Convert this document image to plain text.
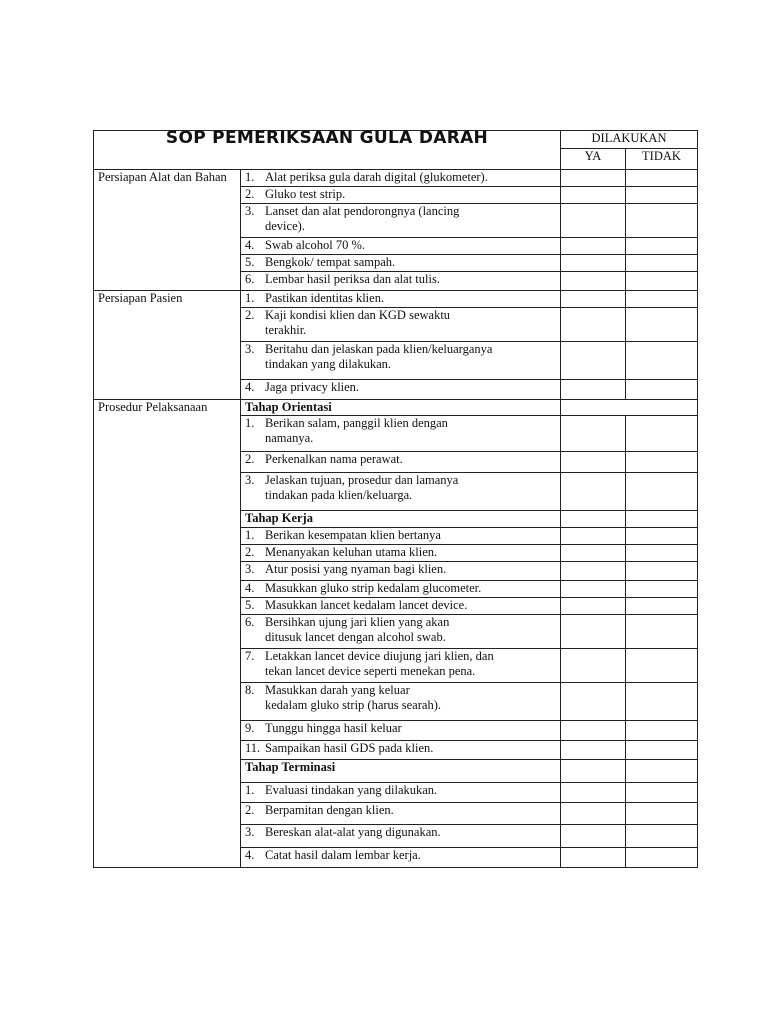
SOP PEMERIKSAAN GULA DARAH		DILAKUKAN	
		YA	TIDAK
Persiapan Alat dan Bahan	1. Alat periksa gula darah digital (glukometer).		
	2. Gluko test strip.		
	3. Lanset dan alat pendorongnya (lancing
device).		

	4. Swab alcohol 70 %.		
	5. Bengkok/ tempat sampah.		
	6. Lembar hasil periksa dan alat tulis.		
Persiapan Pasien	1. Pastikan identitas klien.		
	2. Kaji kondisi klien dan KGD sewaktu
terakhir.		

	3. Beritahu dan jelaskan pada klien/keluarganya
tindakan yang dilakukan.		

	4. Jaga privacy klien.		
Prosedur Pelaksanaan	Tahap Orientasi		
	1. Berikan salam, panggil klien dengan
namanya.		

	2. Perkenalkan nama perawat.		
	3. Jelaskan tujuan, prosedur dan lamanya
tindakan pada klien/keluarga.		

	Tahap Kerja		
	1. Berikan kesempatan klien bertanya		
	2. Menanyakan keluhan utama klien.		
	3. Atur posisi yang nyaman bagi klien.		
	4. Masukkan gluko strip kedalam glucometer.		
	5. Masukkan lancet kedalam lancet device.		
	6. Bersihkan ujung jari klien yang akan
ditusuk lancet dengan alcohol swab.		

	7. Letakkan lancet device diujung jari klien, dan
tekan lancet device seperti menekan pena.		

	8. Masukkan darah yang keluar
kedalam gluko strip (harus searah).		

	9. Tunggu hingga hasil keluar		
	11. Sampaikan hasil GDS pada klien.		
	Tahap Terminasi		
	1. Evaluasi tindakan yang dilakukan.		
	2. Berpamitan dengan klien.		
	3. Bereskan alat-alat yang digunakan.		
	4. Catat hasil dalam lembar kerja.		
